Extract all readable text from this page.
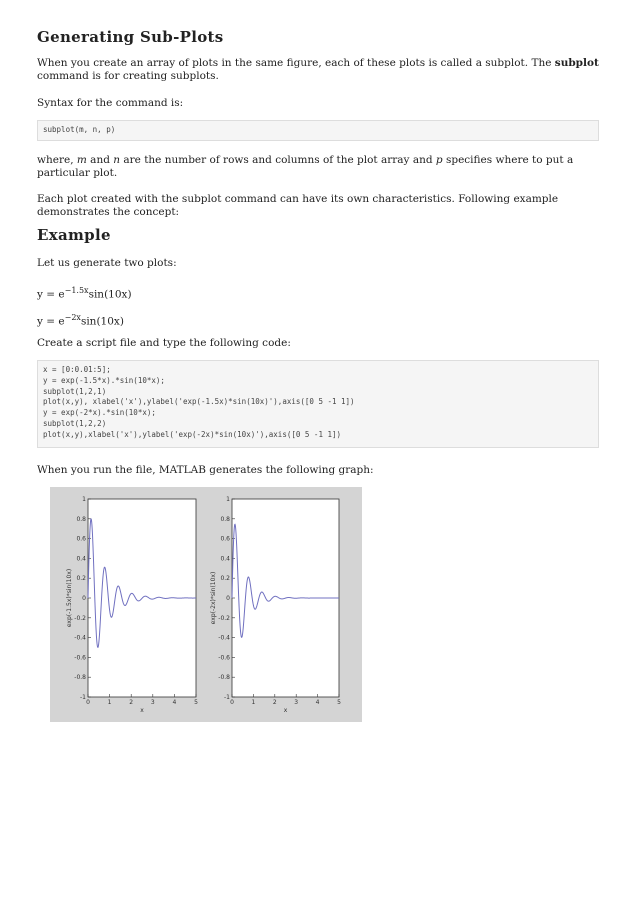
Generating Sub-Plots

When you create an array of plots in the same figure, each of these plots is called a subplot. The subplot command is for creating subplots.

Syntax for the command is:

subplot(m, n, p)

where, m and n are the number of rows and columns of the plot array and p specifies where to put a particular plot.

Each plot created with the subplot command can have its own characteristics. Following example demonstrates the concept:

Example

Let us generate two plots:

$y = e^{-1.5x}\sin(10x)$

$y = e^{-2x}\sin(10x)$

Create a script file and type the following code:

x = [0:0.01:5];
y = exp(-1.5*x).*sin(10*x);
subplot(1,2,1)
plot(x,y), xlabel('x'),ylabel('exp(-1.5x)*sin(10x)'),axis([0 5 -1 1])
y = exp(-2*x).*sin(10*x);
subplot(1,2,2)
plot(x,y),xlabel('x'),ylabel('exp(-2x)*sin(10x)'),axis([0 5 -1 1])

When you run the file, MATLAB generates the following graph:

0	1	2	3	4	5
1
0.8
0.6
0.4
0.2
0
-0.2
-0.4
-0.6
-0.8
-1
x
exp(-1.5x)*sin(10x)
0	1	2	3	4	5
1
0.8
0.6
0.4
0.2
0
-0.2
-0.4
-0.6
-0.8
-1
x
exp(-2x)*sin(10x)
